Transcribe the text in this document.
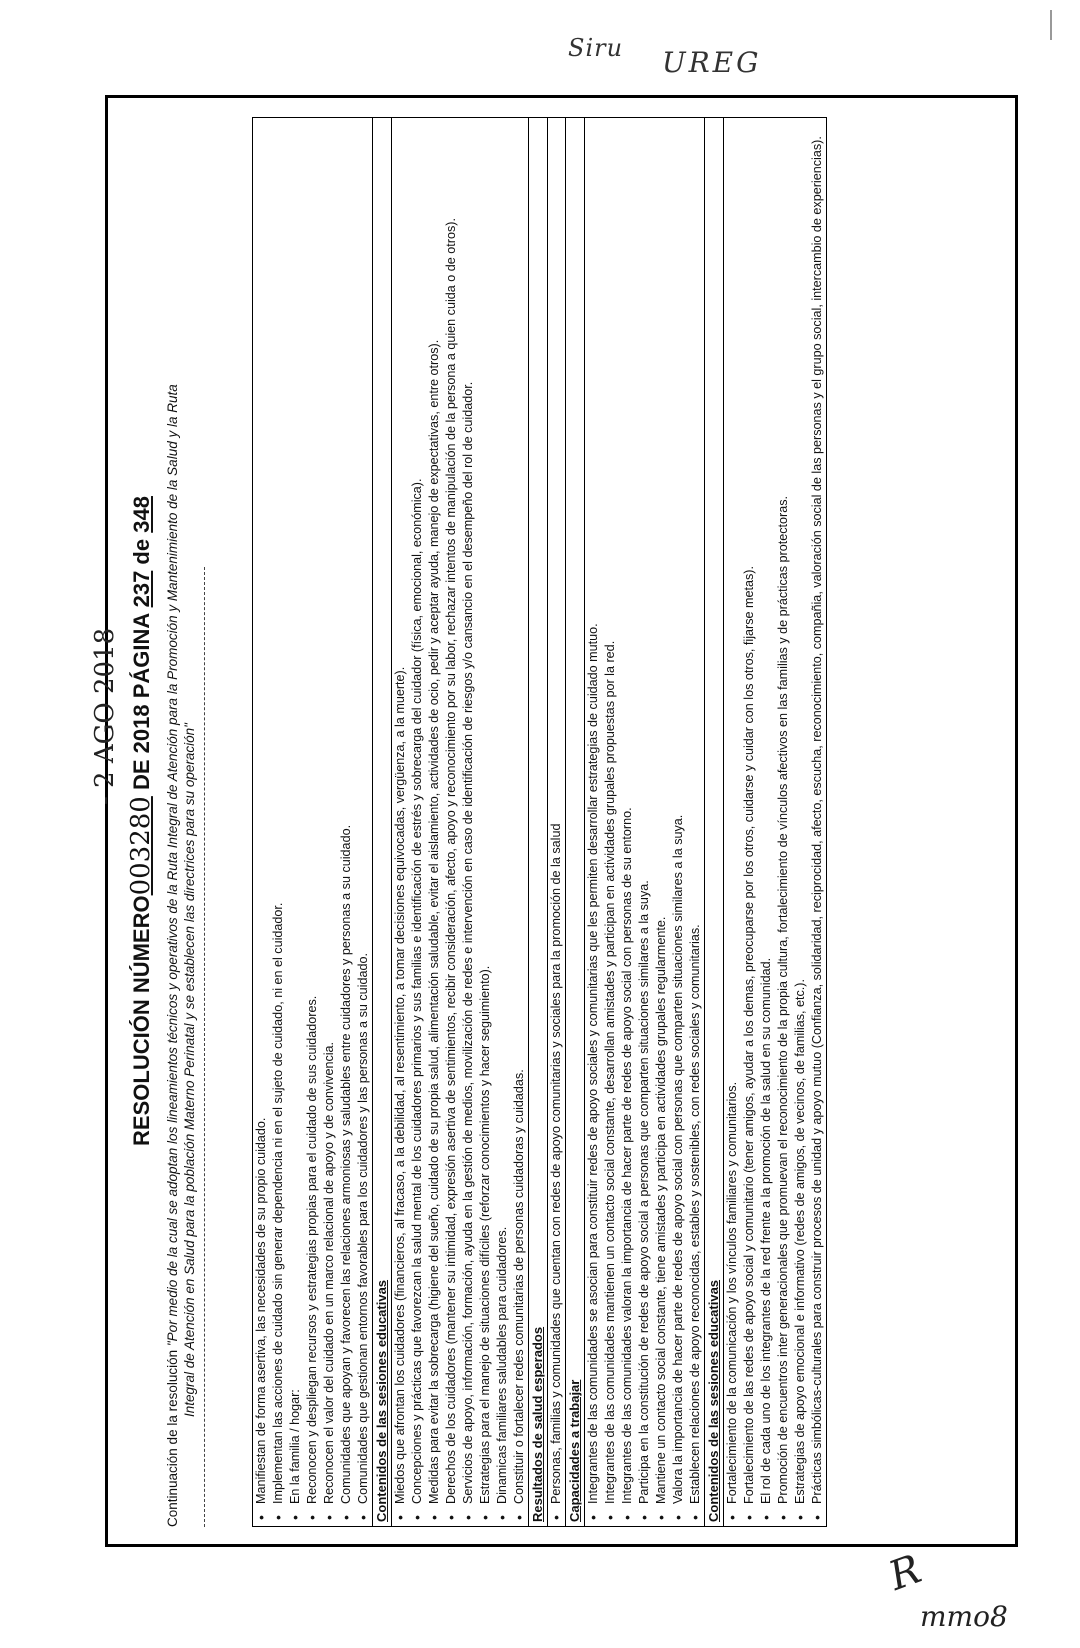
Siru UREG
- 2 AGO 2018
RESOLUCIÓN NÚMERO003280 DE 2018 PÁGINA 237 de 348
Continuación de la resolución "Por medio de la cual se adoptan los lineamientos técnicos y operativos de la Ruta Integral de Atención para la Promoción y Mantenimiento de la Salud y la Ruta Integral de Atención en Salud para la población Materno Perinatal y se establecen las directrices para su operación"	• Manifiestan de forma asertiva, las necesidades de su propio cuidado. • Implementan las acciones de cuidado sin generar dependencia ni en el sujeto de cuidado, ni en el cuidador. • En la familia / hogar: • Reconocen y despliegan recursos y estrategias propias para el cuidado de sus cuidadores. • Reconocen el valor del cuidado en un marco relacional de apoyo y de convivencia. • Comunidades que apoyan y favorecen las relaciones armoniosas y saludables entre cuidadores y personas a su cuidado. • Comunidades que gestionan entornos favorables para los cuidadores y las personas a su cuidado. Contenidos de las sesiones educativas • Miedos que afrontan los cuidadores (financieros, al fracaso, a la debilidad, al resentimiento, a tomar decisiones equivocadas, vergüenza, a la muerte). • Concepciones y prácticas que favorezcan la salud mental de los cuidadores primarios y sus familias e identificación de estrés y sobrecarga del cuidador (física, emocional, económica). • Medidas para evitar la sobrecarga (higiene del sueño, cuidado de su propia salud, alimentación saludable, evitar el aislamiento, actividades de ocio, pedir y aceptar ayuda, manejo de expectativas, entre otros). • Derechos de los cuidadores (mantener su intimidad, expresión asertiva de sentimientos, recibir consideración, afecto, apoyo y reconocimiento por su labor, rechazar intentos de manipulación de la persona a quien cuida o de otros). • Servicios de apoyo, información, formación, ayuda en la gestión de medios, movilización de redes e intervención en caso de identificación de riesgos y/o cansancio en el desempeño del rol de cuidador. • Estrategias para el manejo de situaciones difíciles (reforzar conocimientos y hacer seguimiento). • Dinamicas familiares saludables para cuidadores. • Constituir o fortalecer redes comunitarias de personas cuidadoras y cuidadas. Resultados de salud esperados • Personas, familias y comunidades que cuentan con redes de apoyo comunitarias y sociales para la promoción de la salud Capacidades a trabajar • Integrantes de las comunidades se asocian para constituir redes de apoyo sociales y comunitarias que les permiten desarrollar estrategias de cuidado mutuo. • Integrantes de las comunidades mantienen un contacto social constante, desarrollan amistades y participan en actividades grupales propuestas por la red. • Integrantes de las comunidades valoran la importancia de hacer parte de redes de apoyo social con personas de su entorno. • Participa en la constitución de redes de apoyo social a personas que comparten situaciones similares a la suya. • Mantiene un contacto social constante, tiene amistades y participa en actividades grupales regularmente. • Valora la importancia de hacer parte de redes de apoyo social con personas que comparten situaciones similares a la suya. • Establecen relaciones de apoyo reconocidas, estables y sostenibles, con redes sociales y comunitarias. Contenidos de las sesiones educativas • Fortalecimiento de la comunicación y los vínculos familiares y comunitarios. • Fortalecimiento de las redes de apoyo social y comunitario (tener amigos, ayudar a los demas, preocuparse por los otros, cuidarse y cuidar con los otros, fijarse metas). • El rol de cada uno de los integrantes de la red frente a la promoción de la salud en su comunidad. • Promoción de encuentros inter generacionales que promuevan el reconocimiento de la propia cultura, fortalecimiento de vínculos afectivos en las familias y de prácticas protectoras. • Estrategias de apoyo emocional e informativo (redes de amigos, de vecinos, de familias, etc.). • Prácticas simbólicas-culturales para construir procesos de unidad y apoyo mutuo (Confianza, solidaridad, reciprocidad, afecto, escucha, reconocimiento, compañia, valoración social de las personas y el grupo social, intercambio de experiencias).
R
mmo8
